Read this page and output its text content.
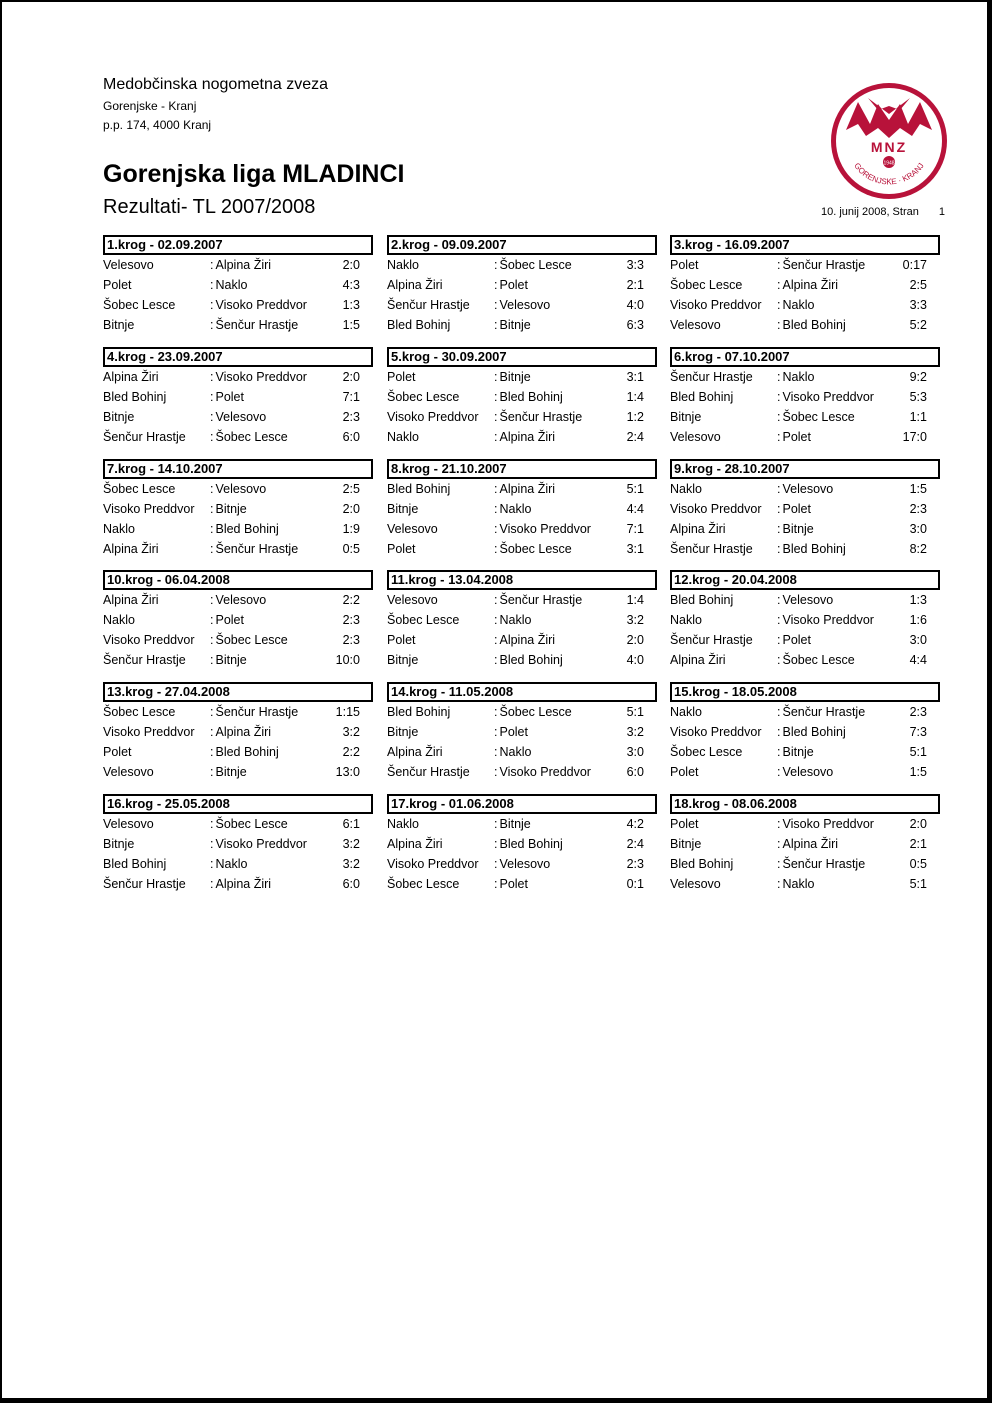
Medobčinska nogometna zveza
Gorenjske - Kranj
p.p. 174, 4000 Kranj
Gorenjska liga MLADINCI
Rezultati- TL 2007/2008	10. junij 2008, Stran 1
MNZ
1948
GORENJSKE · KRANJ
1.krog - 02.09.2007
Velesovo	: Alpina Žiri	2:0
Polet	: Naklo	4:3
Šobec Lesce	: Visoko Preddvor	1:3
Bitnje	: Šenčur Hrastje	1:5
2.krog - 09.09.2007
Naklo	: Šobec Lesce	3:3
Alpina Žiri	: Polet	2:1
Šenčur Hrastje	: Velesovo	4:0
Bled Bohinj	: Bitnje	6:3
3.krog - 16.09.2007
Polet	: Šenčur Hrastje	0:17
Šobec Lesce	: Alpina Žiri	2:5
Visoko Preddvor	: Naklo	3:3
Velesovo	: Bled Bohinj	5:2
4.krog - 23.09.2007
Alpina Žiri	: Visoko Preddvor	2:0
Bled Bohinj	: Polet	7:1
Bitnje	: Velesovo	2:3
Šenčur Hrastje	: Šobec Lesce	6:0
5.krog - 30.09.2007
Polet	: Bitnje	3:1
Šobec Lesce	: Bled Bohinj	1:4
Visoko Preddvor	: Šenčur Hrastje	1:2
Naklo	: Alpina Žiri	2:4
6.krog - 07.10.2007
Šenčur Hrastje	: Naklo	9:2
Bled Bohinj	: Visoko Preddvor	5:3
Bitnje	: Šobec Lesce	1:1
Velesovo	: Polet	17:0
7.krog - 14.10.2007
Šobec Lesce	: Velesovo	2:5
Visoko Preddvor	: Bitnje	2:0
Naklo	: Bled Bohinj	1:9
Alpina Žiri	: Šenčur Hrastje	0:5
8.krog - 21.10.2007
Bled Bohinj	: Alpina Žiri	5:1
Bitnje	: Naklo	4:4
Velesovo	: Visoko Preddvor	7:1
Polet	: Šobec Lesce	3:1
9.krog - 28.10.2007
Naklo	: Velesovo	1:5
Visoko Preddvor	: Polet	2:3
Alpina Žiri	: Bitnje	3:0
Šenčur Hrastje	: Bled Bohinj	8:2
10.krog - 06.04.2008
Alpina Žiri	: Velesovo	2:2
Naklo	: Polet	2:3
Visoko Preddvor	: Šobec Lesce	2:3
Šenčur Hrastje	: Bitnje	10:0
11.krog - 13.04.2008
Velesovo	: Šenčur Hrastje	1:4
Šobec Lesce	: Naklo	3:2
Polet	: Alpina Žiri	2:0
Bitnje	: Bled Bohinj	4:0
12.krog - 20.04.2008
Bled Bohinj	: Velesovo	1:3
Naklo	: Visoko Preddvor	1:6
Šenčur Hrastje	: Polet	3:0
Alpina Žiri	: Šobec Lesce	4:4
13.krog - 27.04.2008
Šobec Lesce	: Šenčur Hrastje	1:15
Visoko Preddvor	: Alpina Žiri	3:2
Polet	: Bled Bohinj	2:2
Velesovo	: Bitnje	13:0
14.krog - 11.05.2008
Bled Bohinj	: Šobec Lesce	5:1
Bitnje	: Polet	3:2
Alpina Žiri	: Naklo	3:0
Šenčur Hrastje	: Visoko Preddvor	6:0
15.krog - 18.05.2008
Naklo	: Šenčur Hrastje	2:3
Visoko Preddvor	: Bled Bohinj	7:3
Šobec Lesce	: Bitnje	5:1
Polet	: Velesovo	1:5
16.krog - 25.05.2008
Velesovo	: Šobec Lesce	6:1
Bitnje	: Visoko Preddvor	3:2
Bled Bohinj	: Naklo	3:2
Šenčur Hrastje	: Alpina Žiri	6:0
17.krog - 01.06.2008
Naklo	: Bitnje	4:2
Alpina Žiri	: Bled Bohinj	2:4
Visoko Preddvor	: Velesovo	2:3
Šobec Lesce	: Polet	0:1
18.krog - 08.06.2008
Polet	: Visoko Preddvor	2:0
Bitnje	: Alpina Žiri	2:1
Bled Bohinj	: Šenčur Hrastje	0:5
Velesovo	: Naklo	5:1
